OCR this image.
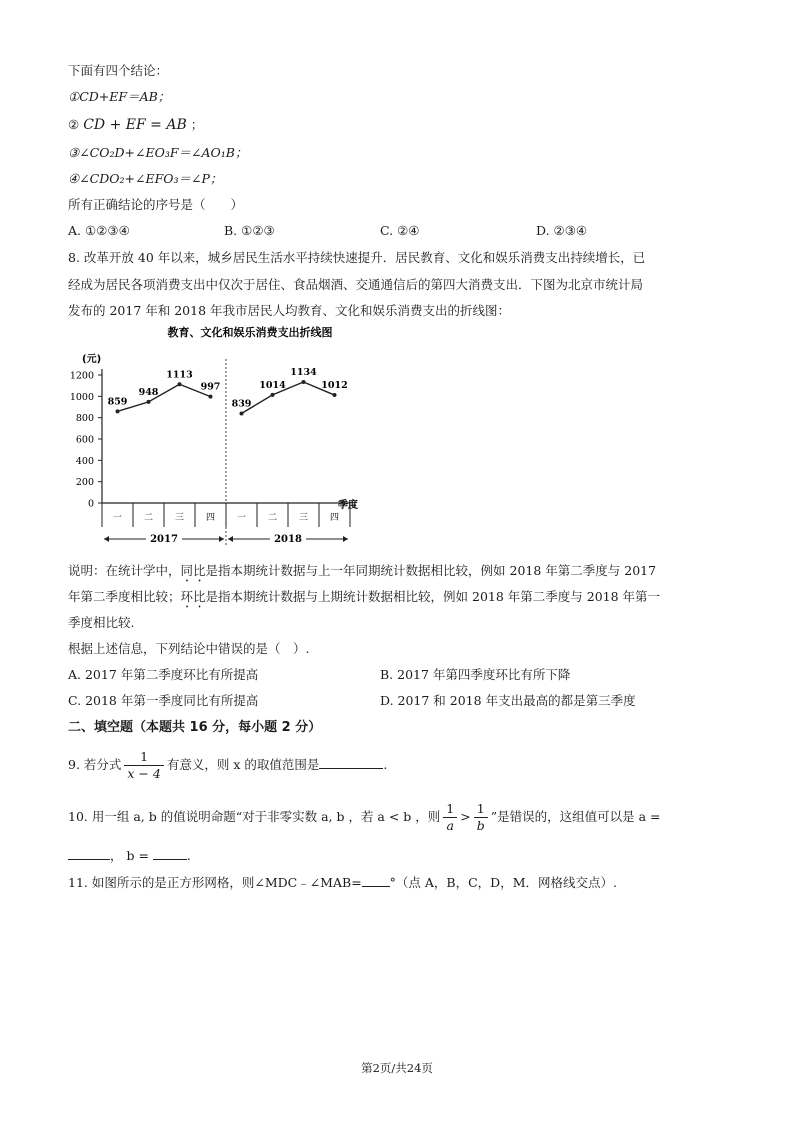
下面有四个结论：
①CD+EF＝AB；
② CD + EF = AB ；
③∠CO₂D+∠EO₃F＝∠AO₁B；
④∠CDO₂+∠EFO₃＝∠P；
所有正确结论的序号是（　　）
A. ①②③④	B. ①②③	C. ②④	D. ②③④
8. 改革开放 40 年以来，城乡居民生活水平持续快速提升．居民教育、文化和娱乐消费支出持续增长，已
经成为居民各项消费支出中仅次于居住、食品烟酒、交通通信后的第四大消费支出．下图为北京市统计局
发布的 2017 年和 2018 年我市居民人均教育、文化和娱乐消费支出的折线图：
教育、文化和娱乐消费支出折线图
(元)
季度
0
200
400
600
800
1000
1200
一 二 三 四 一 二 三 四
859
948
1113
997
839
1014
1134
1012
2017	2018
说明：在统计学中，同比是指本期统计数据与上一年同期统计数据相比较，例如 2018 年第二季度与 2017
年第二季度相比较；环比是指本期统计数据与上期统计数据相比较，例如 2018 年第二季度与 2018 年第一
季度相比较.
根据上述信息，下列结论中错误的是（　）.
A. 2017 年第二季度环比有所提高	B. 2017 年第四季度环比有所下降
C. 2018 年第一季度同比有所提高	D. 2017 和 2018 年支出最高的都是第三季度
二、填空题（本题共 16 分，每小题 2 分）
9. 若分式 $\frac{1}{x - 4}$ 有意义，则 x 的取值范围是	.
10. 用一组 a, b 的值说明命题“对于非零实数 a, b ，若 a < b ，则 $\frac{1}{a} > \frac{1}{b}$ ”是错误的，这组值可以是 a =
， b =	.
11. 如图所示的是正方形网格，则∠MDC﹣∠MAB= °（点 A，B，C，D，M．网格线交点）.
第2页/共24页
